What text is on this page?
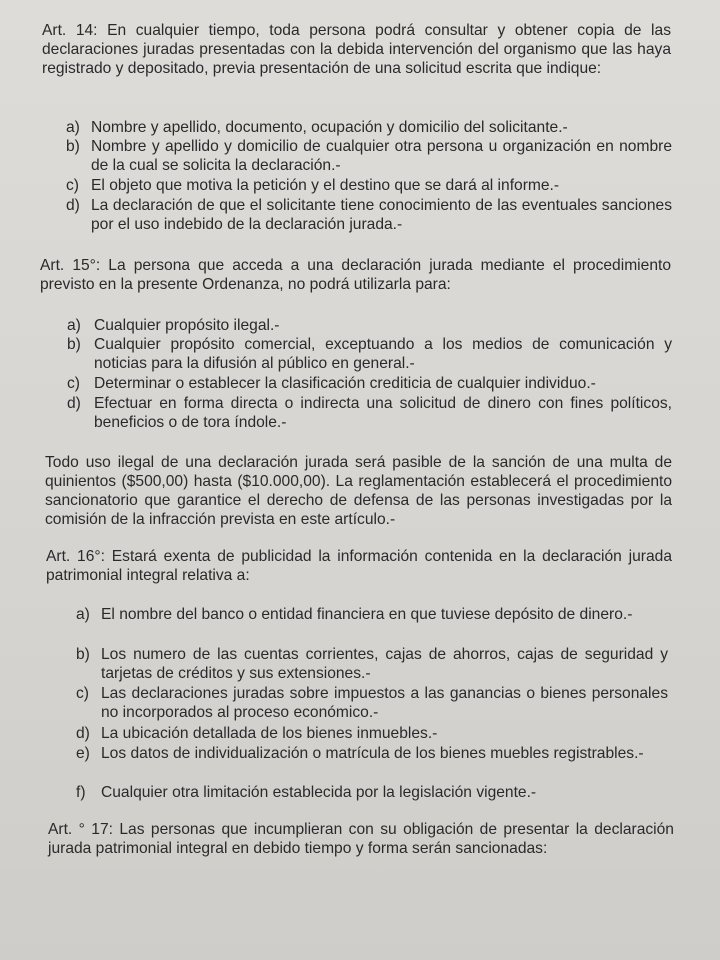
Art. 14: En cualquier tiempo, toda persona podrá consultar y obtener copia de las declaraciones juradas presentadas con la debida intervención del organismo que las haya registrado y depositado, previa presentación de una solicitud escrita que indique:

a) Nombre y apellido, documento, ocupación y domicilio del solicitante.-
b) Nombre y apellido y domicilio de cualquier otra persona u organización en nombre de la cual se solicita la declaración.-
c) El objeto que motiva la petición y el destino que se dará al informe.-
d) La declaración de que el solicitante tiene conocimiento de las eventuales sanciones por el uso indebido de la declaración jurada.-

Art. 15°: La persona que acceda a una declaración jurada mediante el procedimiento previsto en la presente Ordenanza, no podrá utilizarla para:

a) Cualquier propósito ilegal.-
b) Cualquier propósito comercial, exceptuando a los medios de comunicación y noticias para la difusión al público en general.-
c) Determinar o establecer la clasificación crediticia de cualquier individuo.-
d) Efectuar en forma directa o indirecta una solicitud de dinero con fines políticos, beneficios o de tora índole.-

Todo uso ilegal de una declaración jurada será pasible de la sanción de una multa de quinientos ($500,00) hasta ($10.000,00). La reglamentación establecerá el procedimiento sancionatorio que garantice el derecho de defensa de las personas investigadas por la comisión de la infracción prevista en este artículo.-

Art. 16°: Estará exenta de publicidad la información contenida en la declaración jurada patrimonial integral relativa a:

a) El nombre del banco o entidad financiera en que tuviese depósito de dinero.-
b) Los numero de las cuentas corrientes, cajas de ahorros, cajas de seguridad y tarjetas de créditos y sus extensiones.-
c) Las declaraciones juradas sobre impuestos a las ganancias o bienes personales no incorporados al proceso económico.-
d) La ubicación detallada de los bienes inmuebles.-
e) Los datos de individualización o matrícula de los bienes muebles registrables.-
f) Cualquier otra limitación establecida por la legislación vigente.-

Art. ° 17: Las personas que incumplieran con su obligación de presentar la declaración jurada patrimonial integral en debido tiempo y forma serán sancionadas:
